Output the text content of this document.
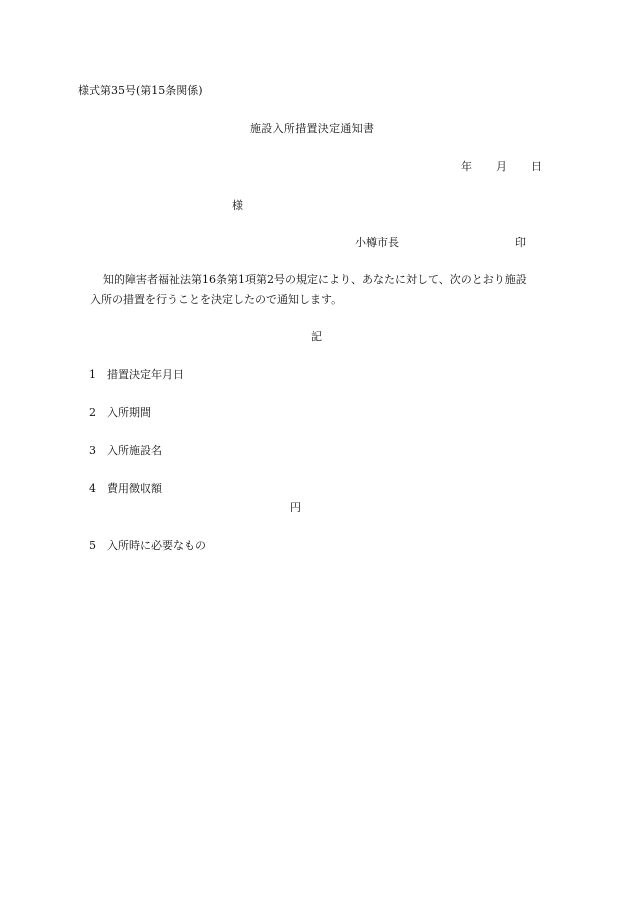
様式第35号(第15条関係)
施設入所措置決定通知書
年 月 日
様
小樽市長	印
知的障害者福祉法第16条第1項第2号の規定により、あなたに対して、次のとおり施設
入所の措置を行うことを決定したので通知します。
記
1 措置決定年月日
2 入所期間
3 入所施設名
4 費用徴収額
円
5 入所時に必要なもの
